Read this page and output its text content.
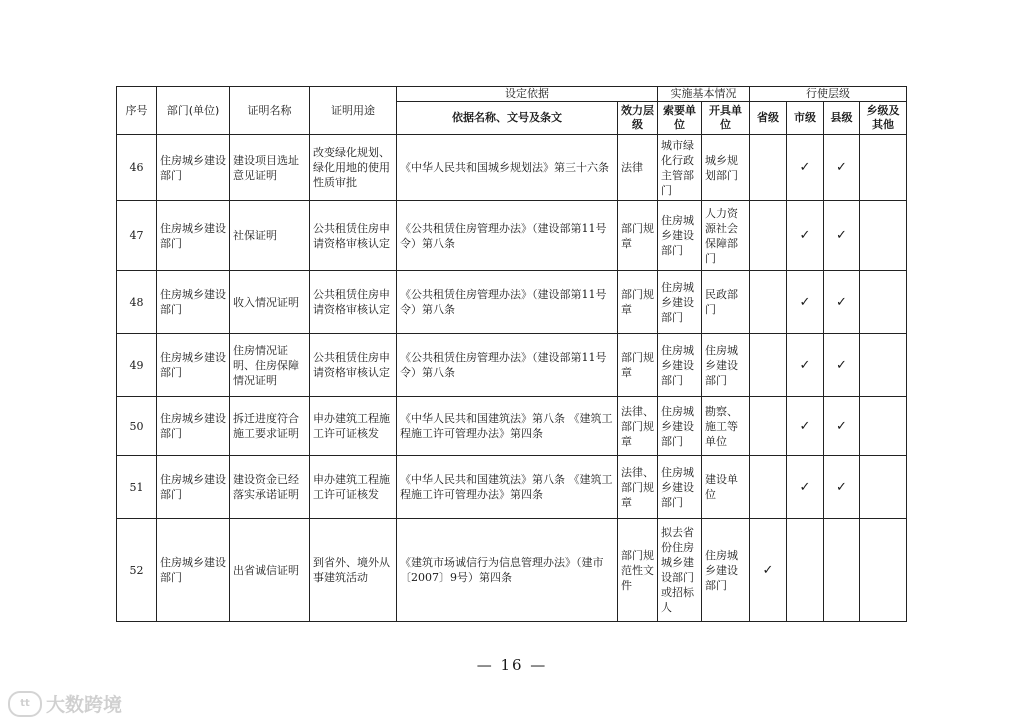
序号	部门(单位)	证明名称	证明用途	设定依据		实施基本情况		行使层级			
				依据名称、文号及条文	效力层级	索要单位	开具单位	省级	市级	县级	乡级及其他
46	住房城乡建设部门	建设项目选址意见证明	改变绿化规划、绿化用地的使用性质审批	《中华人民共和国城乡规划法》第三十六条	法律	城市绿化行政主管部门	城乡规划部门		✓	✓	
47	住房城乡建设部门	社保证明	公共租赁住房申请资格审核认定	《公共租赁住房管理办法》（建设部第11号令）第八条	部门规章	住房城乡建设部门	人力资源社会保障部门		✓	✓	
48	住房城乡建设部门	收入情况证明	公共租赁住房申请资格审核认定	《公共租赁住房管理办法》（建设部第11号令）第八条	部门规章	住房城乡建设部门	民政部门		✓	✓	
49	住房城乡建设部门	住房情况证明、住房保障情况证明	公共租赁住房申请资格审核认定	《公共租赁住房管理办法》（建设部第11号令）第八条	部门规章	住房城乡建设部门	住房城乡建设部门		✓	✓	
50	住房城乡建设部门	拆迁进度符合施工要求证明	申办建筑工程施工许可证核发	《中华人民共和国建筑法》第八条 《建筑工程施工许可管理办法》第四条	法律、部门规章	住房城乡建设部门	勘察、施工等单位		✓	✓	
51	住房城乡建设部门	建设资金已经落实承诺证明	申办建筑工程施工许可证核发	《中华人民共和国建筑法》第八条 《建筑工程施工许可管理办法》第四条	法律、部门规章	住房城乡建设部门	建设单位		✓	✓	
52	住房城乡建设部门	出省诚信证明	到省外、境外从事建筑活动	《建筑市场诚信行为信息管理办法》（建市〔2007〕9号）第四条	部门规范性文件	拟去省份住房城乡建设部门或招标人	住房城乡建设部门	✓			
— 16 —
tt 大数跨境
